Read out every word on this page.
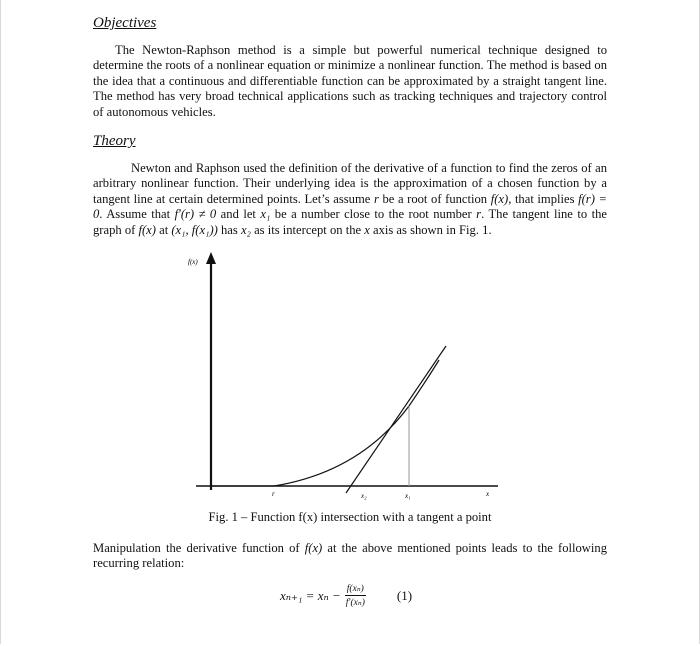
Objectives

The Newton-Raphson method is a simple but powerful numerical technique designed to determine the roots of a nonlinear equation or minimize a nonlinear function. The method is based on the idea that a continuous and differentiable function can be approximated by a straight tangent line. The method has very broad technical applications such as tracking techniques and trajectory control of autonomous vehicles.

Theory

Newton and Raphson used the definition of the derivative of a function to find the zeros of an arbitrary nonlinear function. Their underlying idea is the approximation of a chosen function by a tangent line at certain determined points. Let’s assume r be a root of function f(x), that implies f(r) = 0. Assume that f′(r) ≠ 0 and let x₁ be a number close to the root number r. The tangent line to the graph of f(x) at (x₁, f(x₁)) has x₂ as its intercept on the x axis as shown in Fig. 1.

f(x)
r	x₂	x₁	x
Fig. 1 – Function f(x) intersection with a tangent a point

Manipulation the derivative function of f(x) at the above mentioned points leads to the following recurring relation:

$x_{n+1} = x_n - \frac{\text{f(xₙ)}}{\text{f′(xₙ)}} (1)$
